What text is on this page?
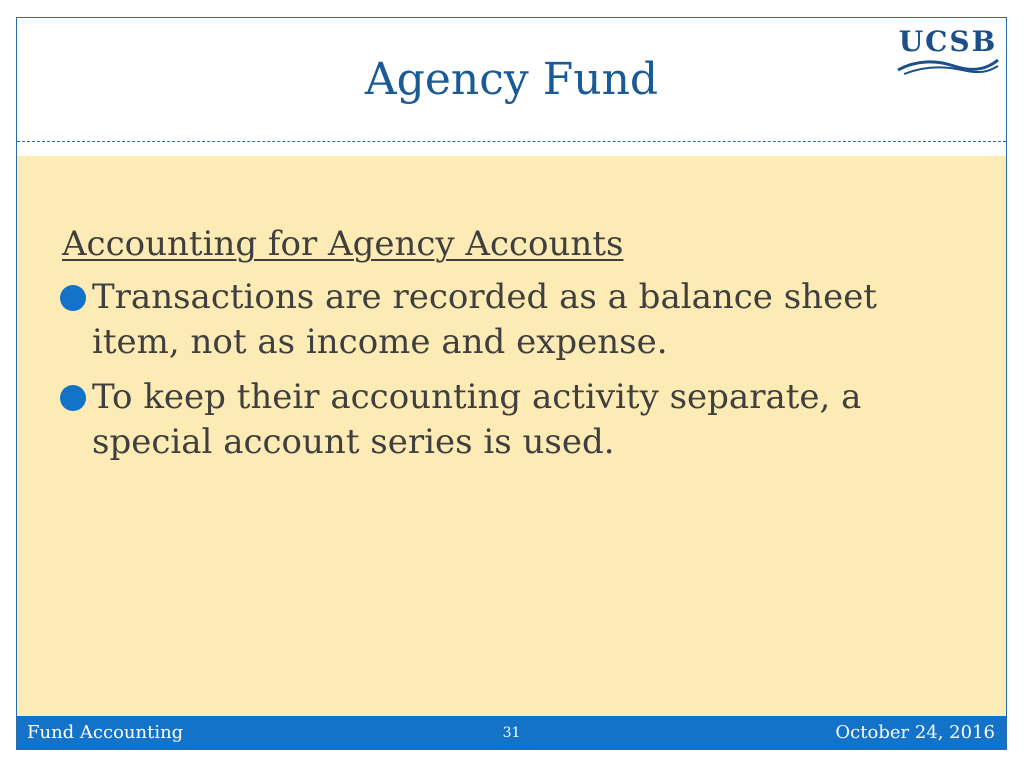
Agency Fund
UCSB
Accounting for Agency Accounts
Transactions are recorded as a balance sheet item, not as income and expense.
To keep their accounting activity separate, a special account series is used.
Fund Accounting	31	October 24, 2016
